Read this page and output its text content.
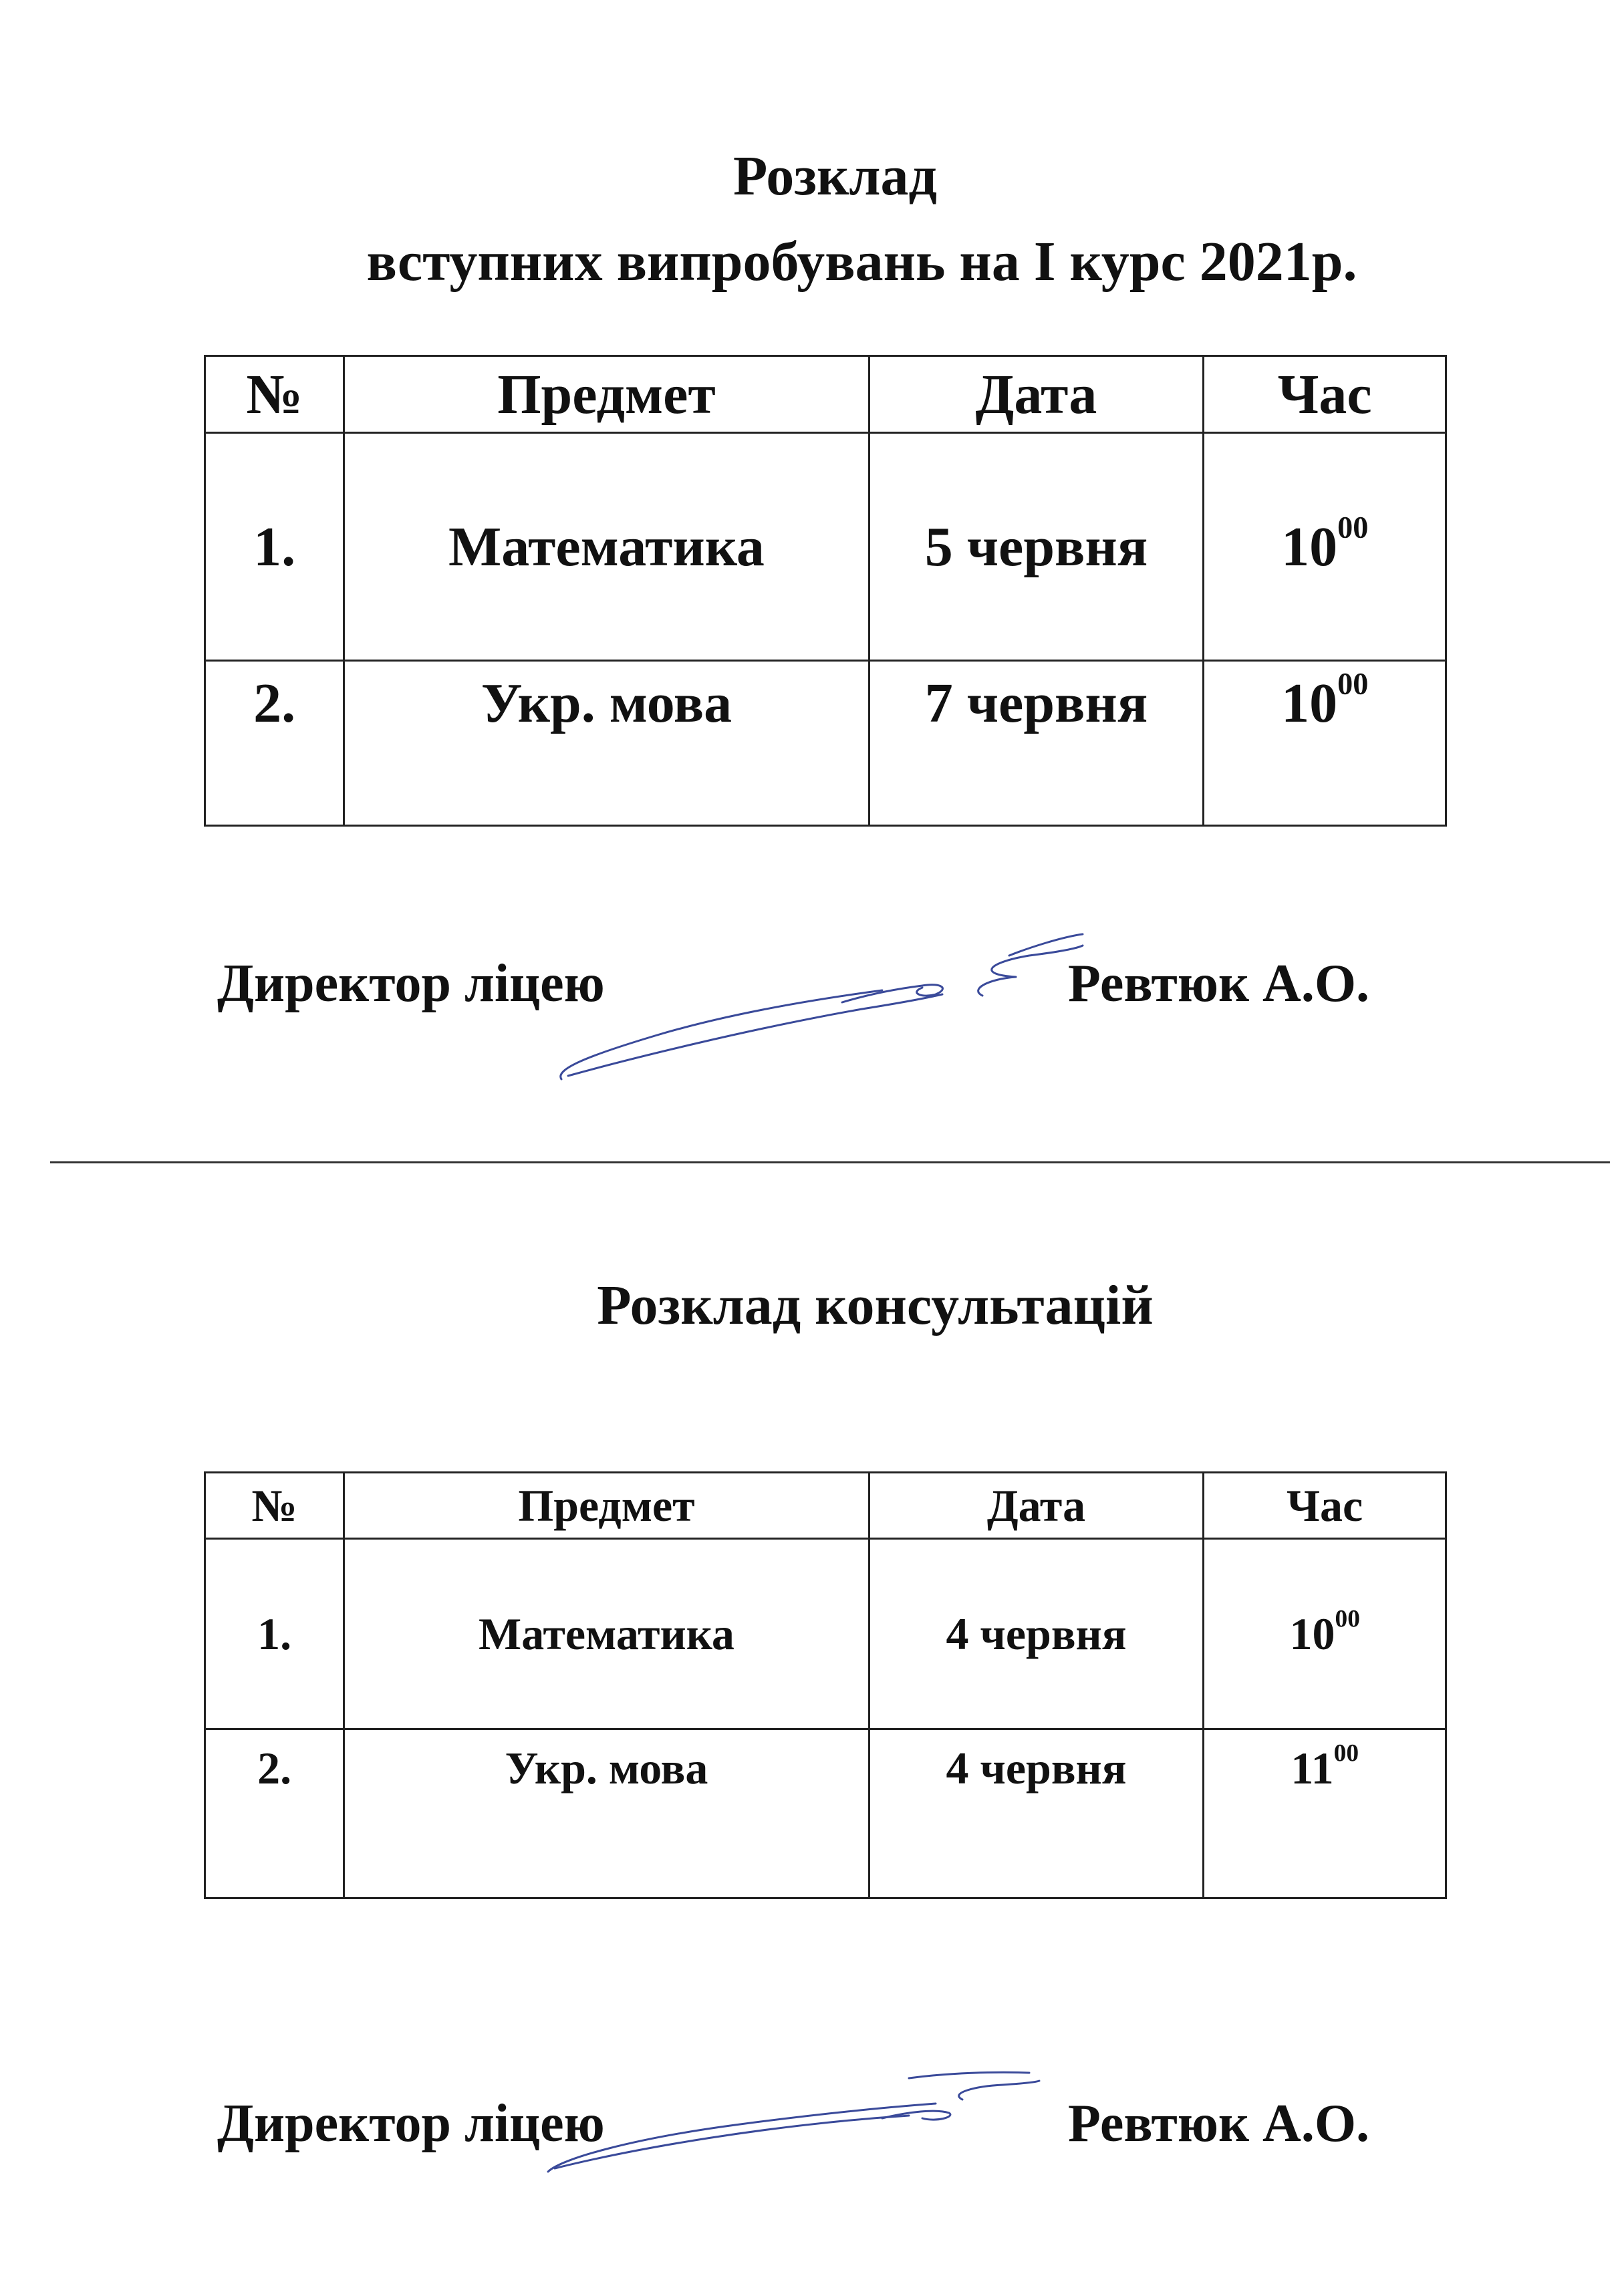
Розклад
вступних випробувань на І курс 2021р.
№	Предмет	Дата	Час
1.	Математика	5 червня	$10^{00}$
2.	Укр. мова	7 червня	$10^{00}$
Директор ліцею	Ревтюк А.О.
Розклад консультацій
№	Предмет	Дата	Час
1.	Математика	4 червня	$10^{00}$
2.	Укр. мова	4 червня	$11^{00}$
Директор ліцею	Ревтюк А.О.
